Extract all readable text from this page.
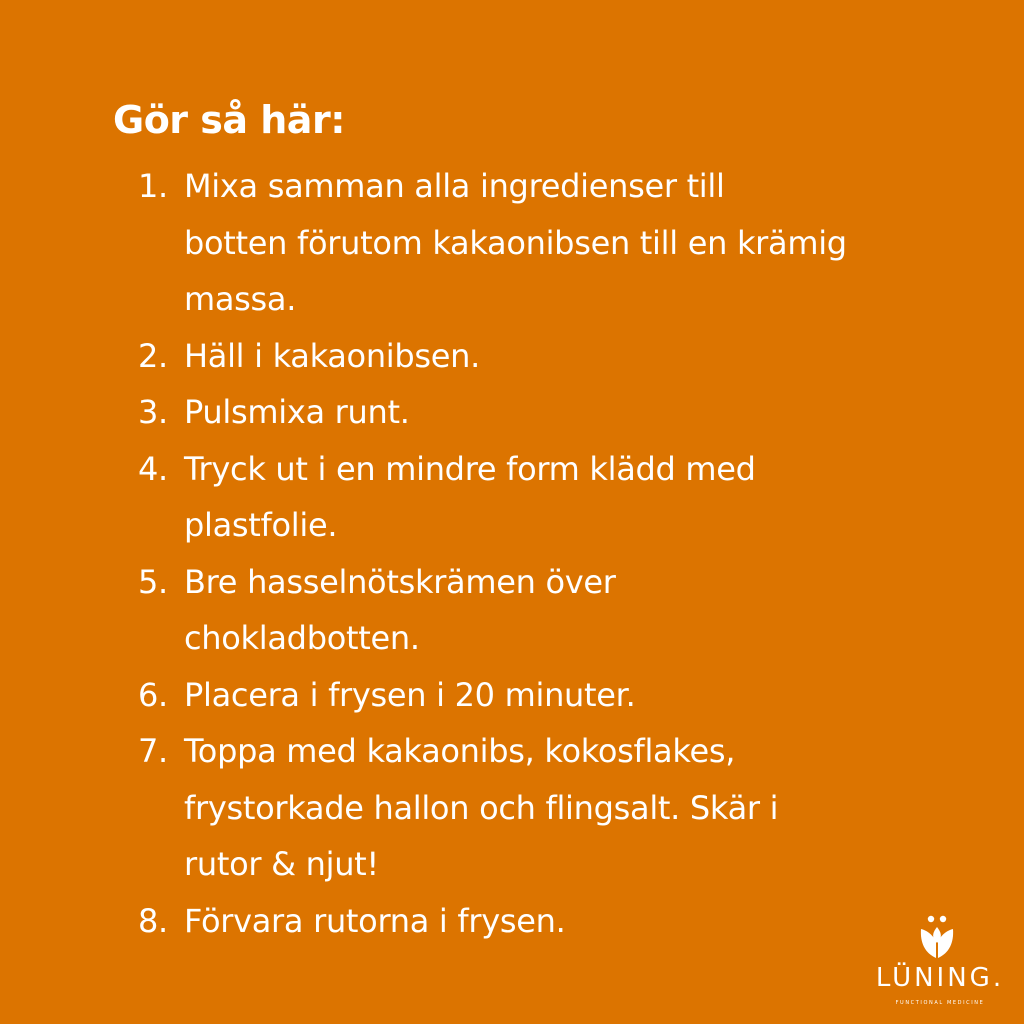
Gör så här:
1. Mixa samman alla ingredienser till
botten förutom kakaonibsen till en krämig
massa.
2. Häll i kakaonibsen.
3. Pulsmixa runt.
4. Tryck ut i en mindre form klädd med
plastfolie.
5. Bre hasselnötskrämen över
chokladbotten.
6. Placera i frysen i 20 minuter.
7. Toppa med kakaonibs, kokosflakes,
frystorkade hallon och flingsalt. Skär i
rutor & njut!
8. Förvara rutorna i frysen.
LÜNING.
FUNCTIONAL MEDICINE
